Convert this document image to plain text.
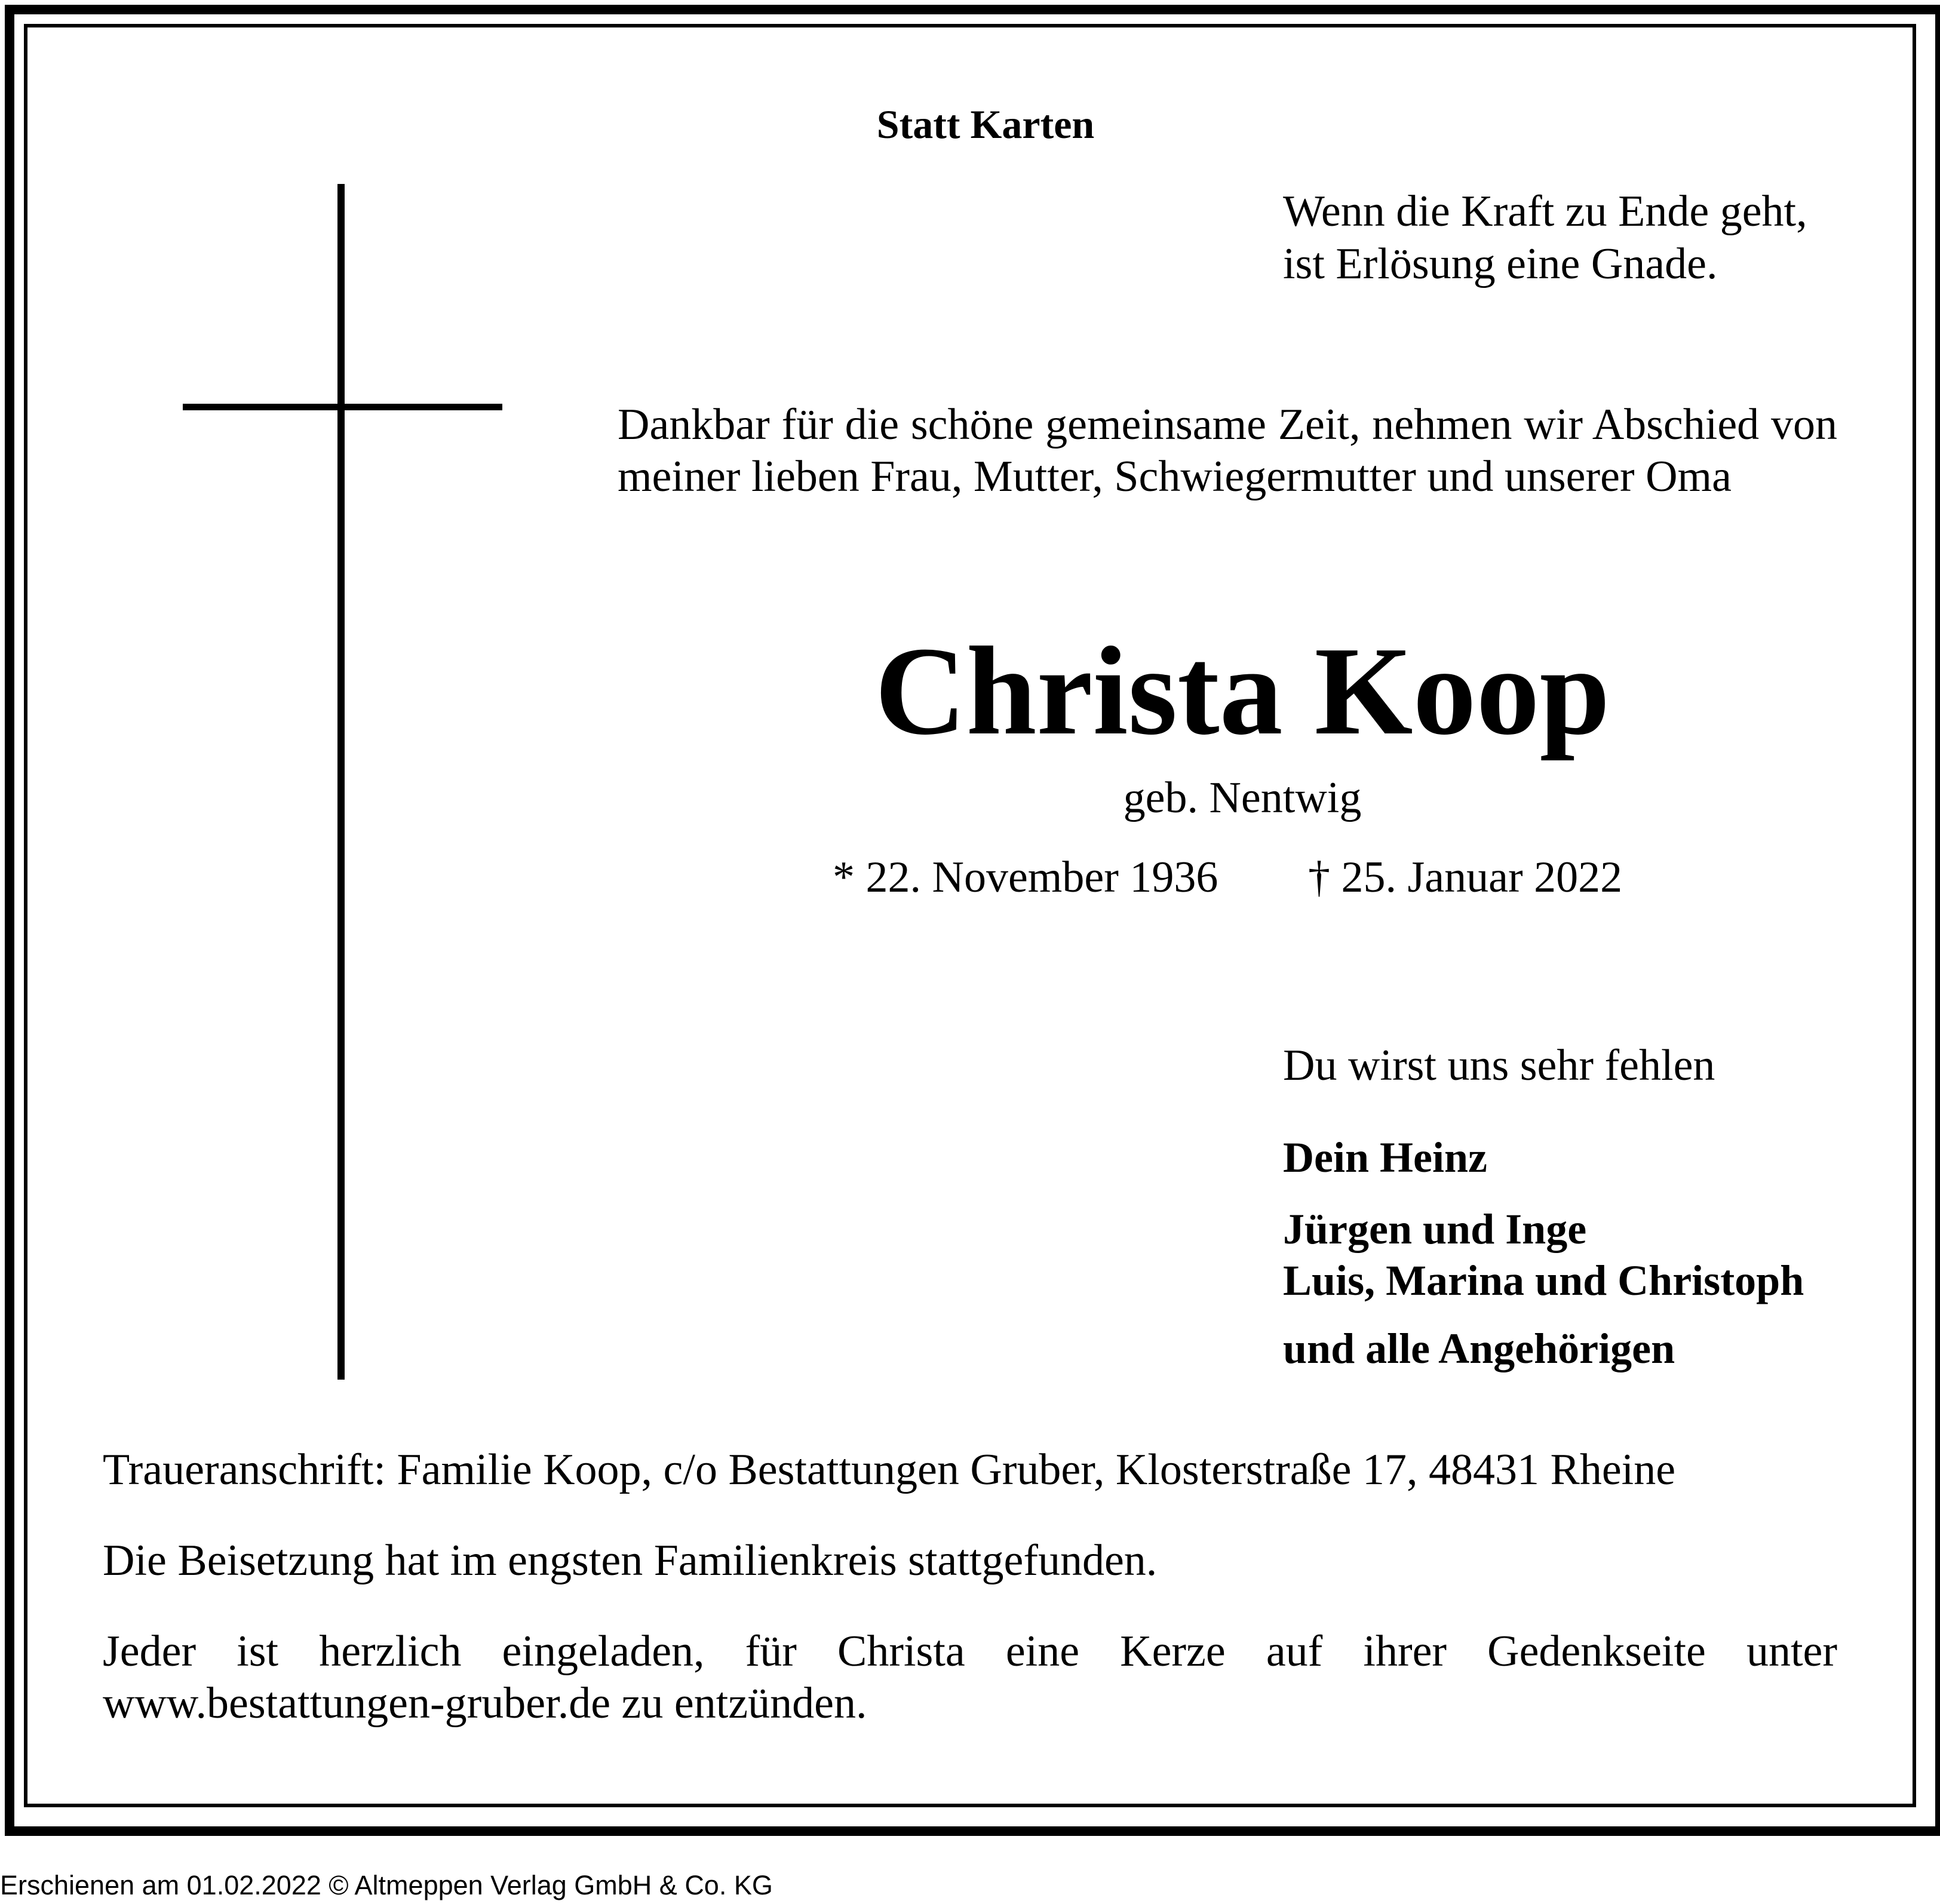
Statt Karten

Wenn die Kraft zu Ende geht,
ist Erlösung eine Gnade.

Dankbar für die schöne gemeinsame Zeit, nehmen wir Abschied von meiner lieben Frau, Mutter, Schwiegermutter und unserer Oma

Christa Koop

geb. Nentwig

* 22. November 1936 † 25. Januar 2022

Du wirst uns sehr fehlen

Dein Heinz

Jürgen und Inge
Luis, Marina und Christoph

und alle Angehörigen

Traueranschrift: Familie Koop, c/o Bestattungen Gruber, Klosterstraße 17, 48431 Rheine

Die Beisetzung hat im engsten Familienkreis stattgefunden.

Jeder ist herzlich eingeladen, für Christa eine Kerze auf ihrer Gedenkseite unter www.bestattungen-gruber.de zu entzünden.

Erschienen am 01.02.2022 © Altmeppen Verlag GmbH & Co. KG
